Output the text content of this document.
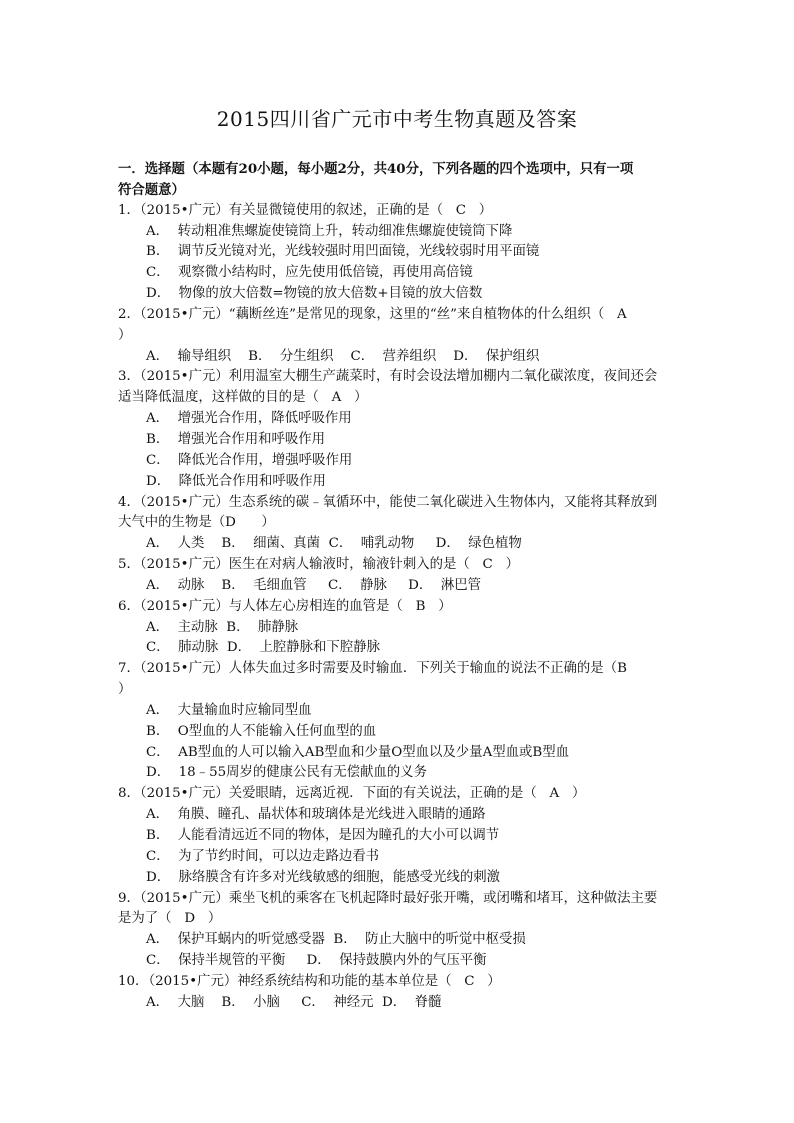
2015四川省广元市中考生物真题及答案
一．选择题（本题有20小题，每小题2分，共40分，下列各题的四个选项中，只有一项
符合题意）
1．（2015•广元）有关显微镜使用的叙述，正确的是（   C   ）
A．  转动粗准焦螺旋使镜筒上升，转动细准焦螺旋使镜筒下降
B．  调节反光镜对光，光线较强时用凹面镜，光线较弱时用平面镜
C．  观察微小结构时，应先使用低倍镜，再使用高倍镜
D．  物像的放大倍数=物镜的放大倍数+目镜的放大倍数
2．（2015•广元）“藕断丝连”是常见的现象，这里的“丝”来自植物体的什么组织（   A
）
A．  输导组织    B．  分生组织    C．  营养组织    D．  保护组织
3．（2015•广元）利用温室大棚生产蔬菜时，有时会设法增加棚内二氧化碳浓度，夜间还会
适当降低温度，这样做的目的是（   A   ）
A．  增强光合作用，降低呼吸作用
B．  增强光合作用和呼吸作用
C．  降低光合作用，增强呼吸作用
D．  降低光合作用和呼吸作用
4．（2015•广元）生态系统的碳﹣氧循环中，能使二氧化碳进入生物体内，又能将其释放到
大气中的生物是（D      ）
A．  人类    B．  细菌、真菌  C．  哺乳动物     D．  绿色植物
5．（2015•广元）医生在对病人输液时，输液针刺入的是（   C   ）
A．  动脉    B．  毛细血管     C．  静脉     D．  淋巴管
6．（2015•广元）与人体左心房相连的血管是（   B   ）
A．  主动脉  B．  肺静脉
C．  肺动脉  D．  上腔静脉和下腔静脉
7．（2015•广元）人体失血过多时需要及时输血．下列关于输血的说法不正确的是（B
）
A．  大量输血时应输同型血
B．  O型血的人不能输入任何血型的血
C．  AB型血的人可以输入AB型血和少量O型血以及少量A型血或B型血
D．  18﹣55周岁的健康公民有无偿献血的义务
8．（2015•广元）关爱眼睛，远离近视．下面的有关说法，正确的是（   A   ）
A．  角膜、瞳孔、晶状体和玻璃体是光线进入眼睛的通路
B．  人能看清远近不同的物体，是因为瞳孔的大小可以调节
C．  为了节约时间，可以边走路边看书
D．  脉络膜含有许多对光线敏感的细胞，能感受光线的刺激
9．（2015•广元）乘坐飞机的乘客在飞机起降时最好张开嘴，或闭嘴和堵耳，这种做法主要
是为了（   D   ）
A．  保护耳蜗内的听觉感受器  B．  防止大脑中的听觉中枢受损
C．  保持半规管的平衡     D．  保持鼓膜内外的气压平衡
10．（2015•广元）神经系统结构和功能的基本单位是（   C   ）
A．  大脑    B．  小脑     C．  神经元  D．  脊髓
